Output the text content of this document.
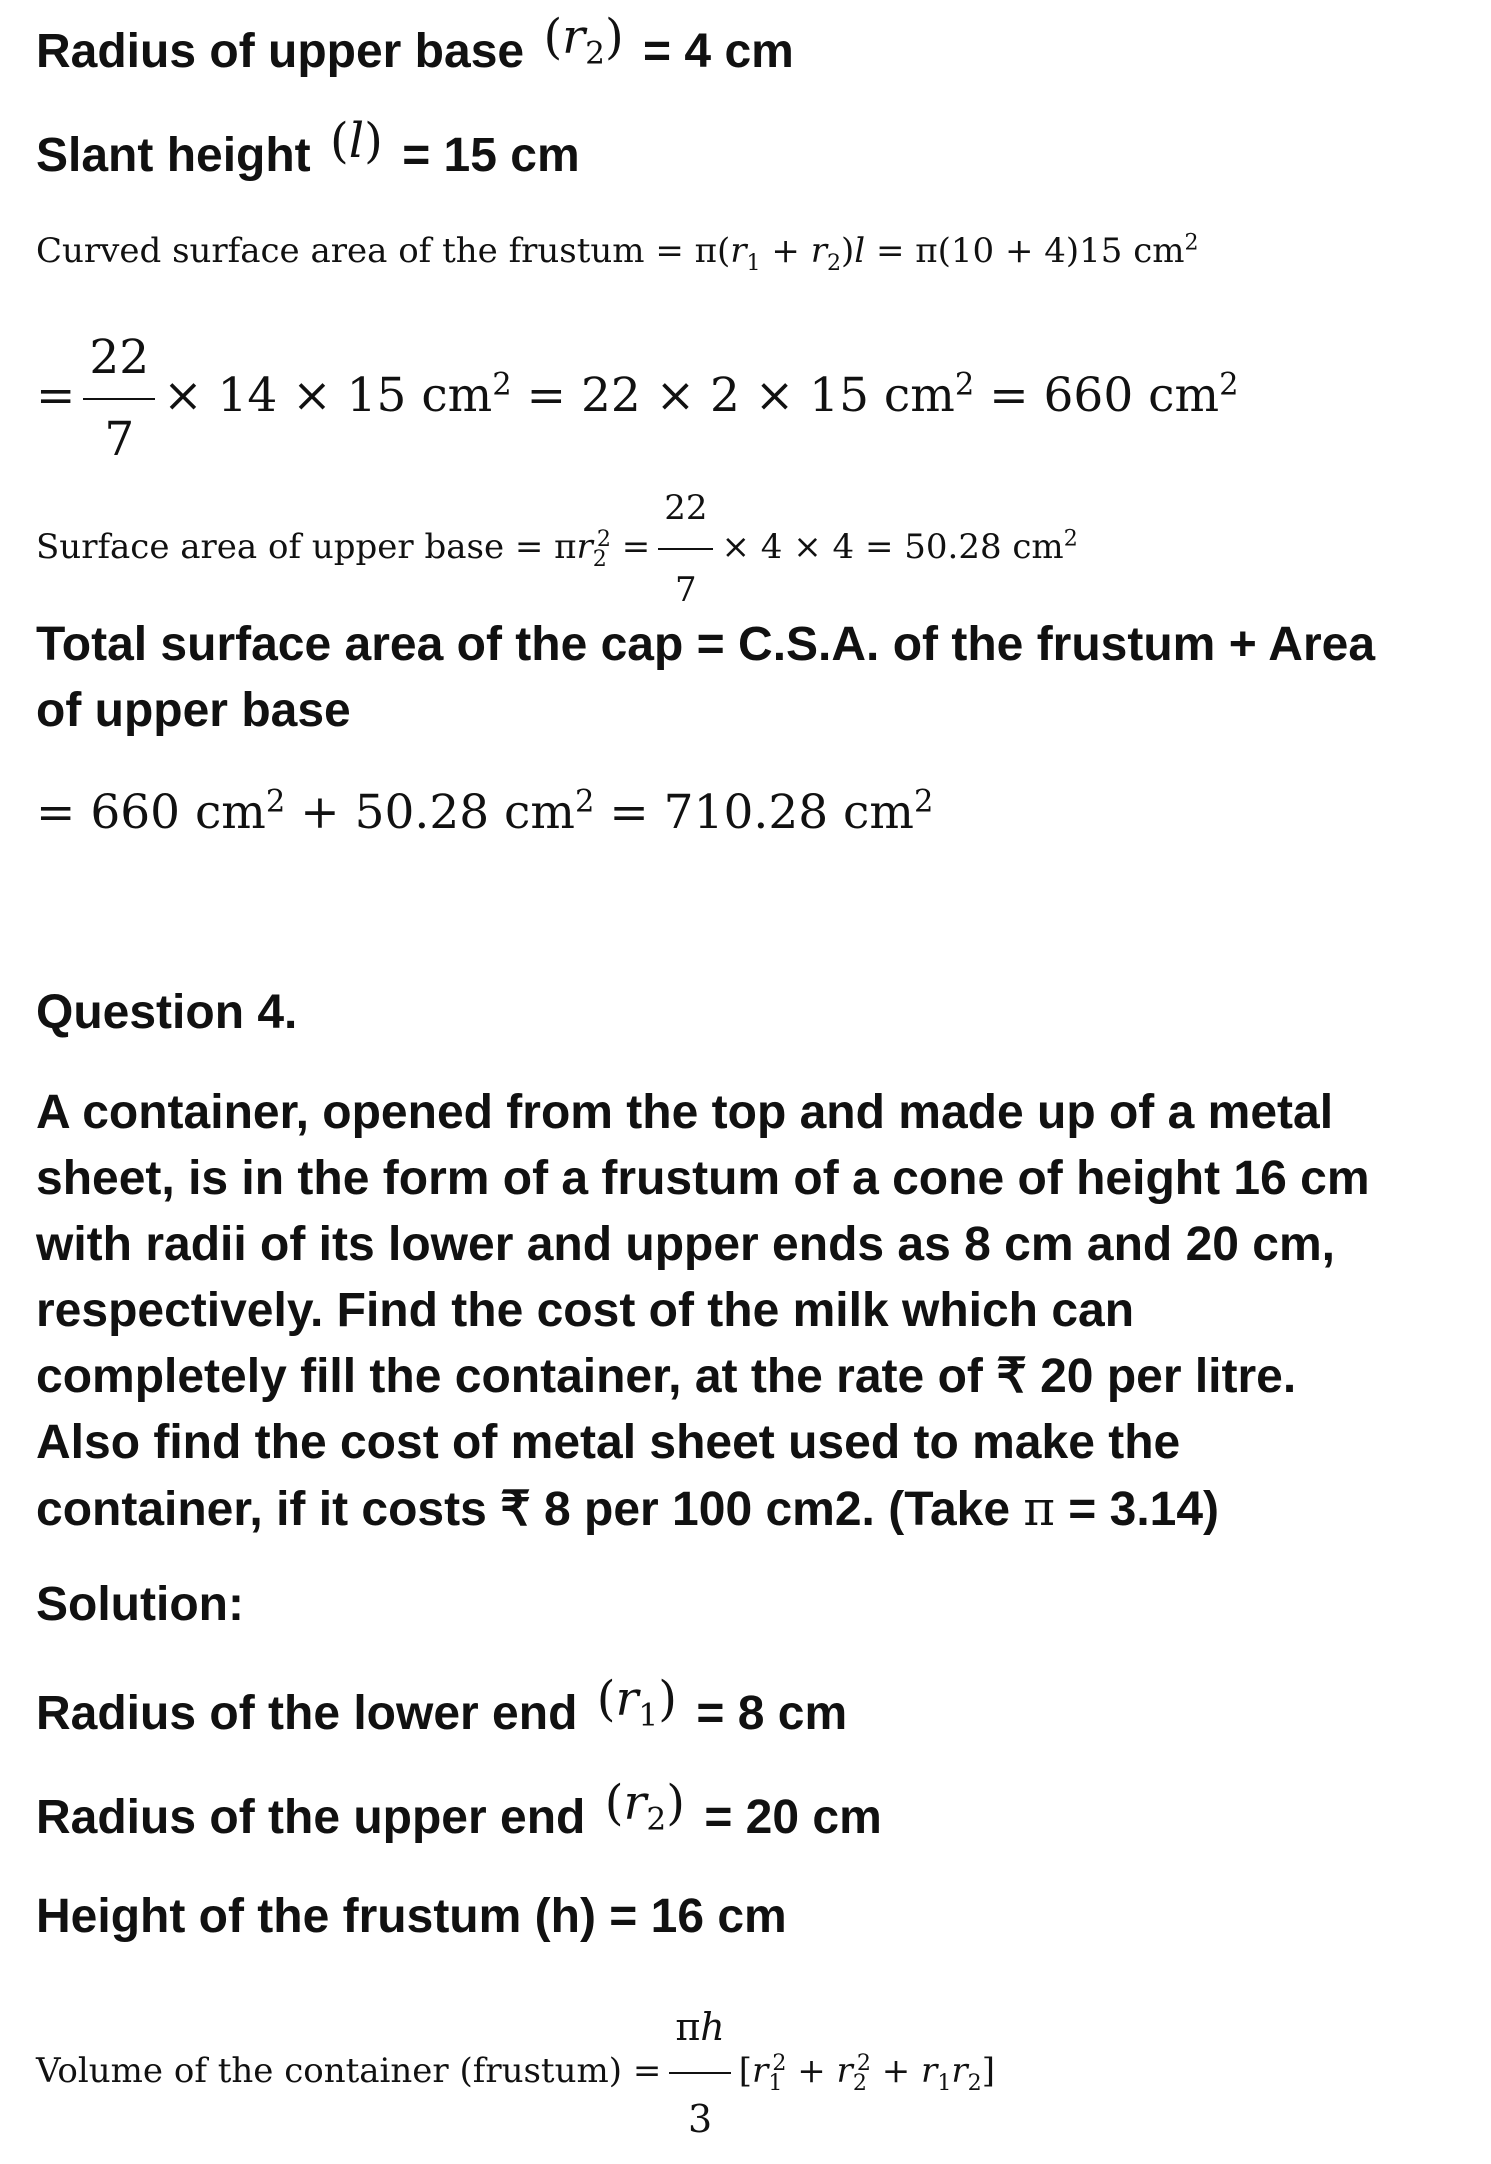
Radius of upper base $(r_2) = 4$ cm
Slant height (l) = 15 cm
Curved surface area of the frustum = $\pi(r_1 + r_2)l = \pi(10 + 4)15$ $cm^2$
= $\frac{22}{7} \times 14 \times 15$ $cm^2 = 22 \times 2 \times 15$ $cm^2 = 660$ $cm^2$
Surface area of upper base = $\pi r_2^2 = \frac{22}{7} \times 4 \times 4 = 50.28$ $cm^2$
Total surface area of the cap = C.S.A. of the frustum + Area
of upper base
= 660 $cm^2 + 50.28$ $cm^2 = 710.28$ $cm^2$
Question 4.
A container, opened from the top and made up of a metal
sheet, is in the form of a frustum of a cone of height 16 cm
with radii of its lower and upper ends as 8 cm and 20 cm,
respectively. Find the cost of the milk which can
completely fill the container, at the rate of ₹ 20 per litre.
Also find the cost of metal sheet used to make the
container, if it costs ₹ 8 per 100 cm2. (Take π = 3.14)
Solution:
Radius of the lower end $(r_1) = 8$ cm
Radius of the upper end $(r_2) = 20$ cm
Height of the frustum (h) = 16 cm
Volume of the container (frustum) = $\frac{\pi h}{3} [r_1^2 + r_2^2 + r_1r_2]$
